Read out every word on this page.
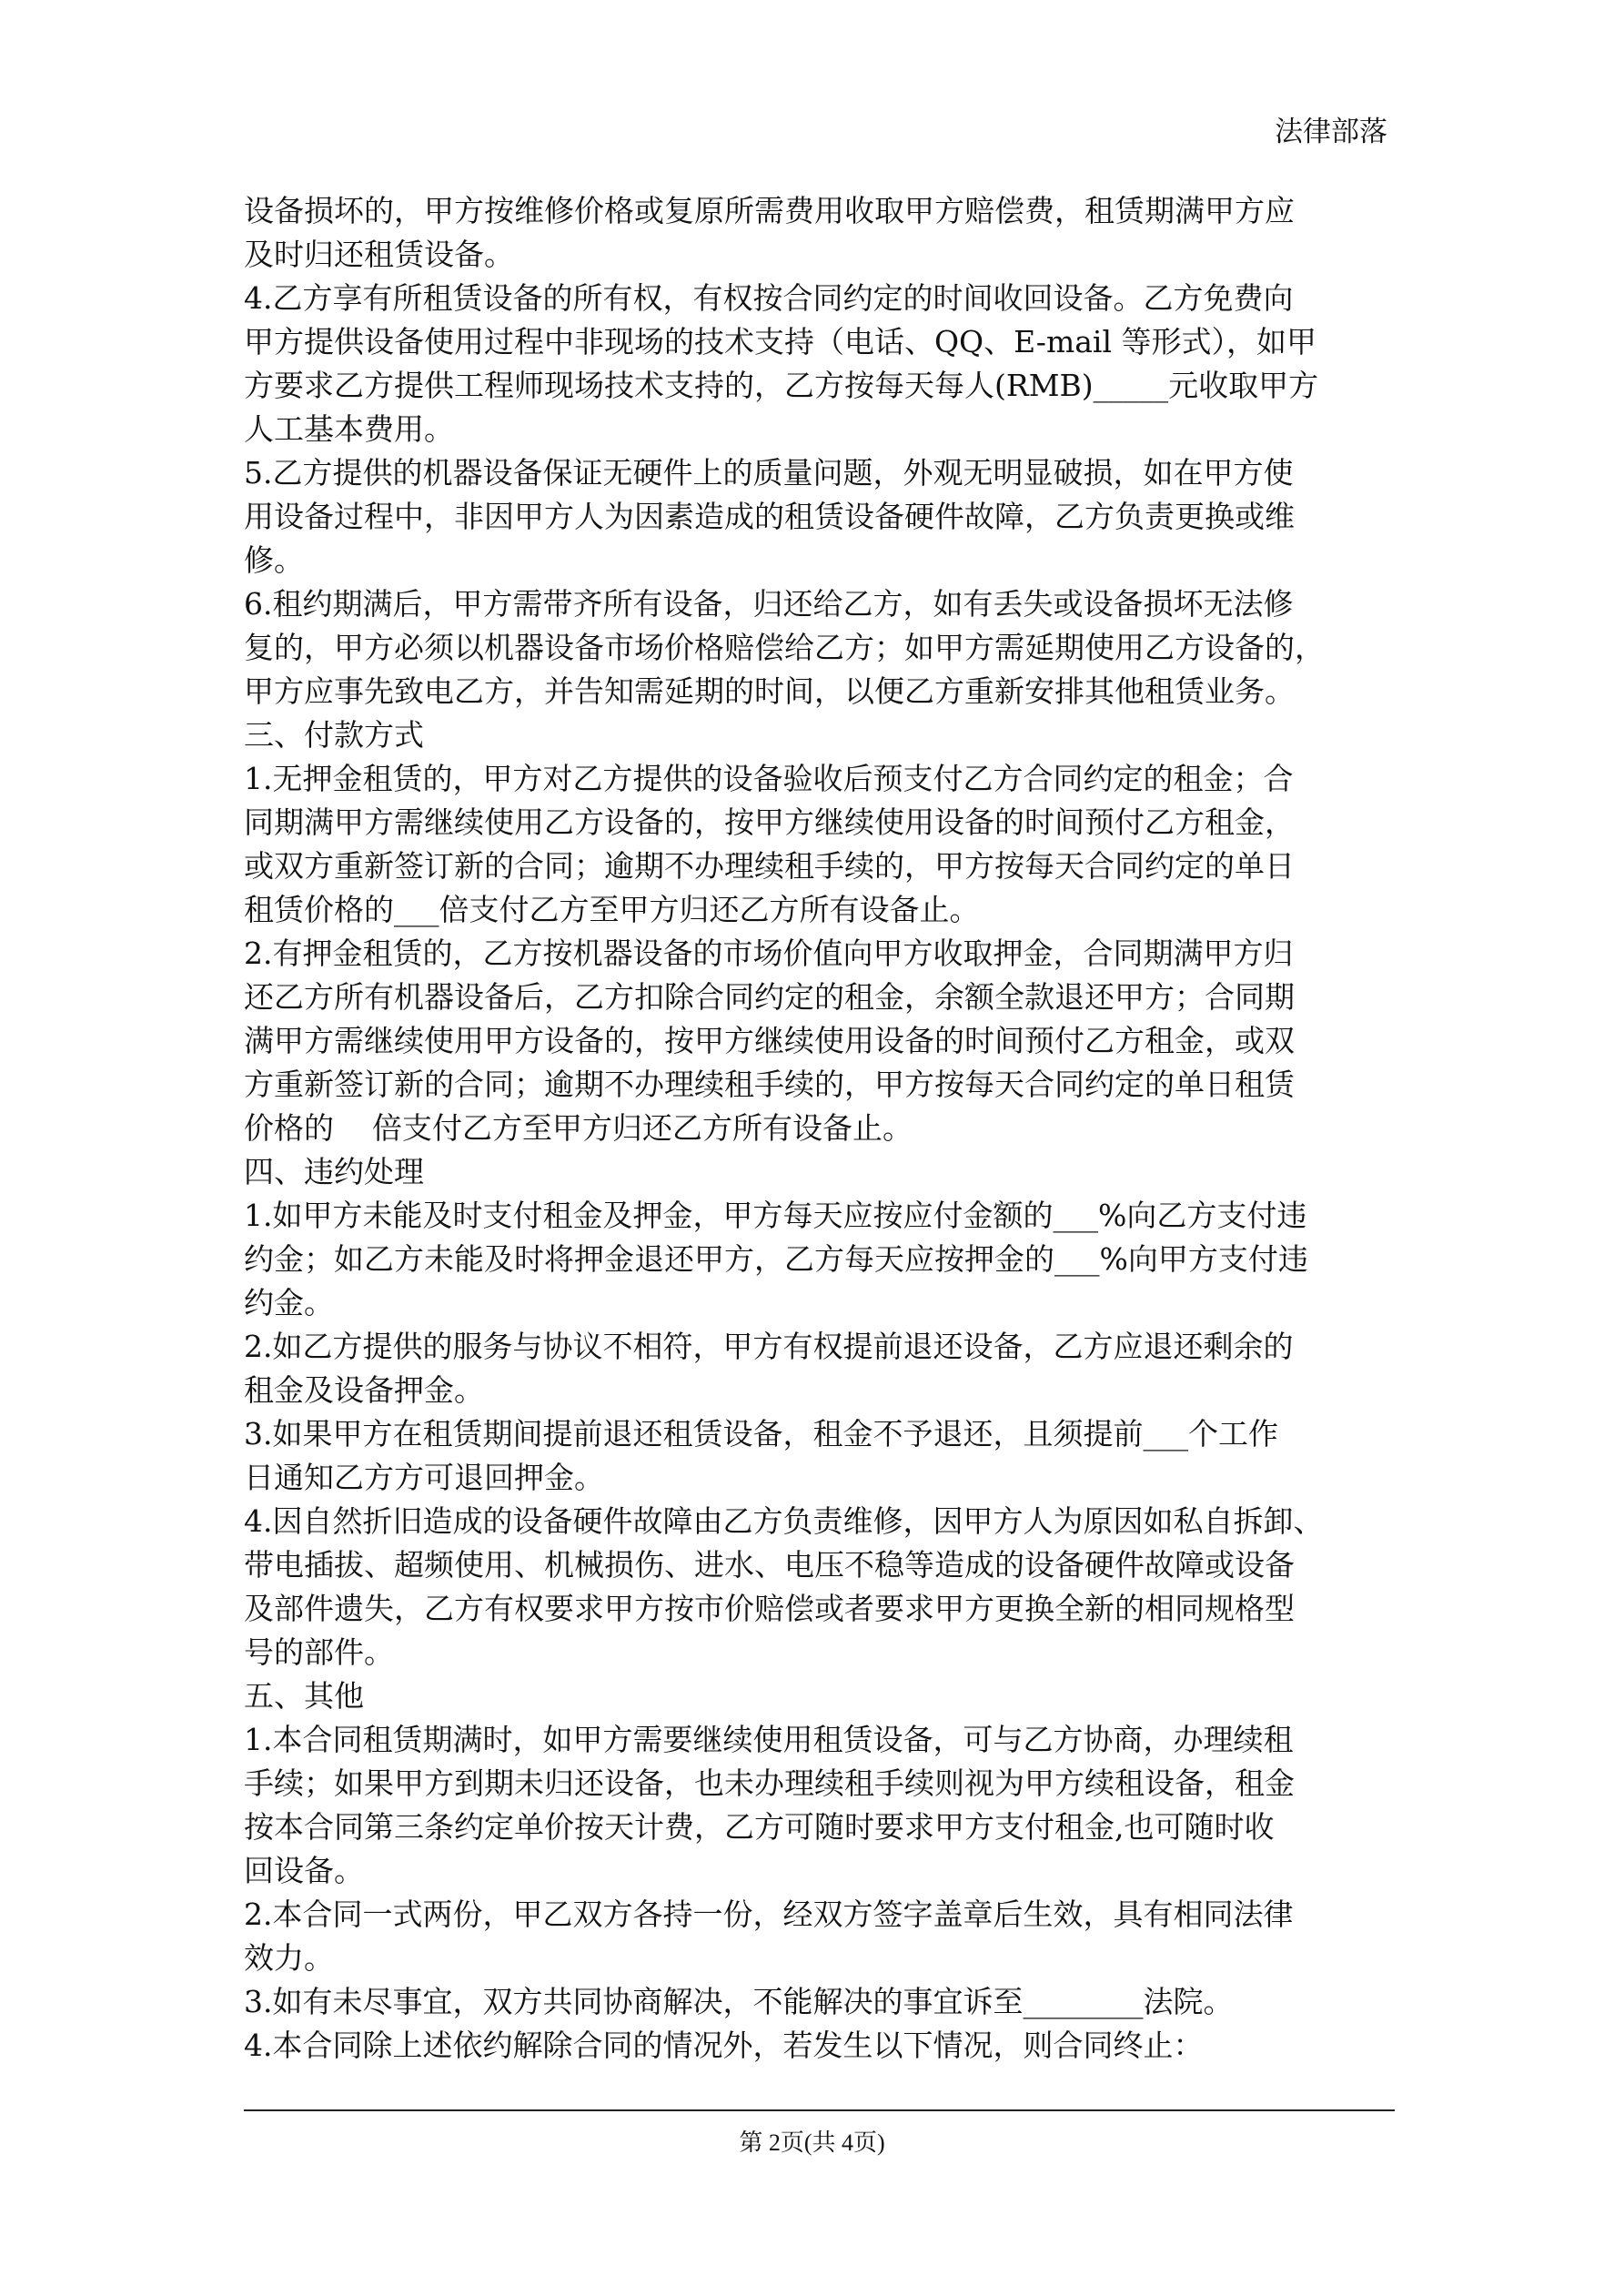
法律部落
设备损坏的，甲方按维修价格或复原所需费用收取甲方赔偿费，租赁期满甲方应
及时归还租赁设备。
4.乙方享有所租赁设备的所有权，有权按合同约定的时间收回设备。乙方免费向
甲方提供设备使用过程中非现场的技术支持（电话、QQ、E-mail 等形式），如甲
方要求乙方提供工程师现场技术支持的，乙方按每天每人(RMB)_____元收取甲方
人工基本费用。
5.乙方提供的机器设备保证无硬件上的质量问题，外观无明显破损，如在甲方使
用设备过程中，非因甲方人为因素造成的租赁设备硬件故障，乙方负责更换或维
修。
6.租约期满后，甲方需带齐所有设备，归还给乙方，如有丢失或设备损坏无法修
复的，甲方必须以机器设备市场价格赔偿给乙方；如甲方需延期使用乙方设备的，
甲方应事先致电乙方，并告知需延期的时间，以便乙方重新安排其他租赁业务。
三、付款方式
1.无押金租赁的，甲方对乙方提供的设备验收后预支付乙方合同约定的租金；合
同期满甲方需继续使用乙方设备的，按甲方继续使用设备的时间预付乙方租金，
或双方重新签订新的合同；逾期不办理续租手续的，甲方按每天合同约定的单日
租赁价格的___倍支付乙方至甲方归还乙方所有设备止。
2.有押金租赁的，乙方按机器设备的市场价值向甲方收取押金，合同期满甲方归
还乙方所有机器设备后，乙方扣除合同约定的租金，余额全款退还甲方；合同期
满甲方需继续使用甲方设备的，按甲方继续使用设备的时间预付乙方租金，或双
方重新签订新的合同；逾期不办理续租手续的，甲方按每天合同约定的单日租赁
价格的    倍支付乙方至甲方归还乙方所有设备止。
四、违约处理
1.如甲方未能及时支付租金及押金，甲方每天应按应付金额的___%向乙方支付违
约金；如乙方未能及时将押金退还甲方，乙方每天应按押金的___%向甲方支付违
约金。
2.如乙方提供的服务与协议不相符，甲方有权提前退还设备，乙方应退还剩余的
租金及设备押金。
3.如果甲方在租赁期间提前退还租赁设备，租金不予退还，且须提前___个工作
日通知乙方方可退回押金。
4.因自然折旧造成的设备硬件故障由乙方负责维修，因甲方人为原因如私自拆卸、
带电插拔、超频使用、机械损伤、进水、电压不稳等造成的设备硬件故障或设备
及部件遗失，乙方有权要求甲方按市价赔偿或者要求甲方更换全新的相同规格型
号的部件。
五、其他
1.本合同租赁期满时，如甲方需要继续使用租赁设备，可与乙方协商，办理续租
手续；如果甲方到期未归还设备，也未办理续租手续则视为甲方续租设备，租金
按本合同第三条约定单价按天计费，乙方可随时要求甲方支付租金,也可随时收
回设备。
2.本合同一式两份，甲乙双方各持一份，经双方签字盖章后生效，具有相同法律
效力。
3.如有未尽事宜，双方共同协商解决，不能解决的事宜诉至________法院。
4.本合同除上述依约解除合同的情况外，若发生以下情况，则合同终止：
第 2页(共 4页)
